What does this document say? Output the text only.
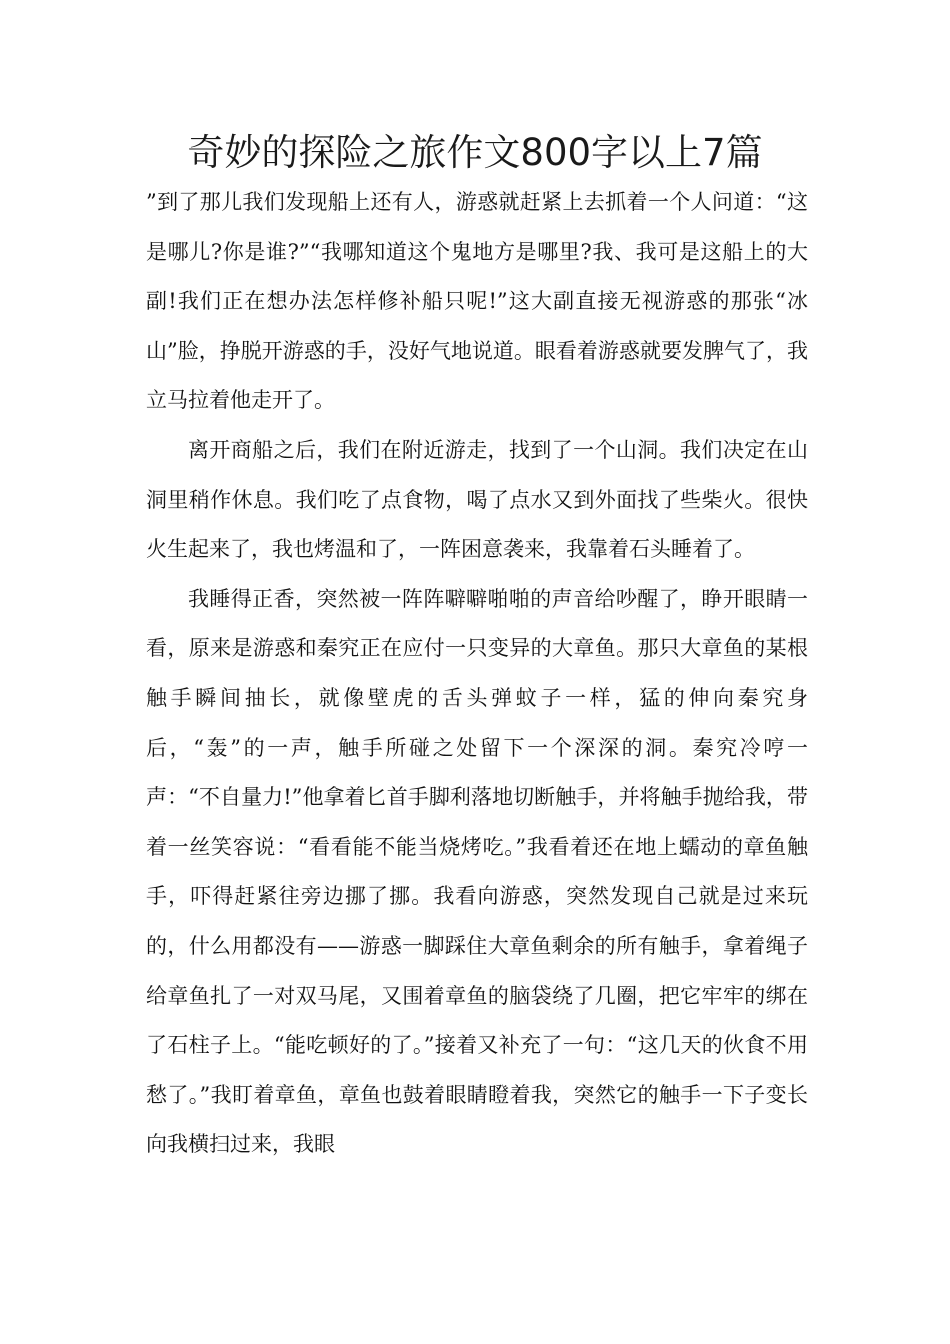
奇妙的探险之旅作文800字以上7篇

”到了那儿我们发现船上还有人，游惑就赶紧上去抓着一个人问道：“这是哪儿?你是谁?”“我哪知道这个鬼地方是哪里?我、我可是这船上的大副!我们正在想办法怎样修补船只呢!”这大副直接无视游惑的那张“冰山”脸，挣脱开游惑的手，没好气地说道。眼看着游惑就要发脾气了，我立马拉着他走开了。

离开商船之后，我们在附近游走，找到了一个山洞。我们决定在山洞里稍作休息。我们吃了点食物，喝了点水又到外面找了些柴火。很快火生起来了，我也烤温和了，一阵困意袭来，我靠着石头睡着了。

我睡得正香，突然被一阵阵噼噼啪啪的声音给吵醒了，睁开眼睛一看，原来是游惑和秦究正在应付一只变异的大章鱼。那只大章鱼的某根触手瞬间抽长，就像壁虎的舌头弹蚊子一样，猛的伸向秦究身后，“轰”的一声，触手所碰之处留下一个深深的洞。秦究冷哼一声：“不自量力!”他拿着匕首手脚利落地切断触手，并将触手抛给我，带着一丝笑容说：“看看能不能当烧烤吃。”我看着还在地上蠕动的章鱼触手，吓得赶紧往旁边挪了挪。我看向游惑，突然发现自己就是过来玩的，什么用都没有——游惑一脚踩住大章鱼剩余的所有触手，拿着绳子给章鱼扎了一对双马尾，又围着章鱼的脑袋绕了几圈，把它牢牢的绑在了石柱子上。“能吃顿好的了。”接着又补充了一句：“这几天的伙食不用愁了。”我盯着章鱼，章鱼也鼓着眼睛瞪着我，突然它的触手一下子变长向我横扫过来，我眼
